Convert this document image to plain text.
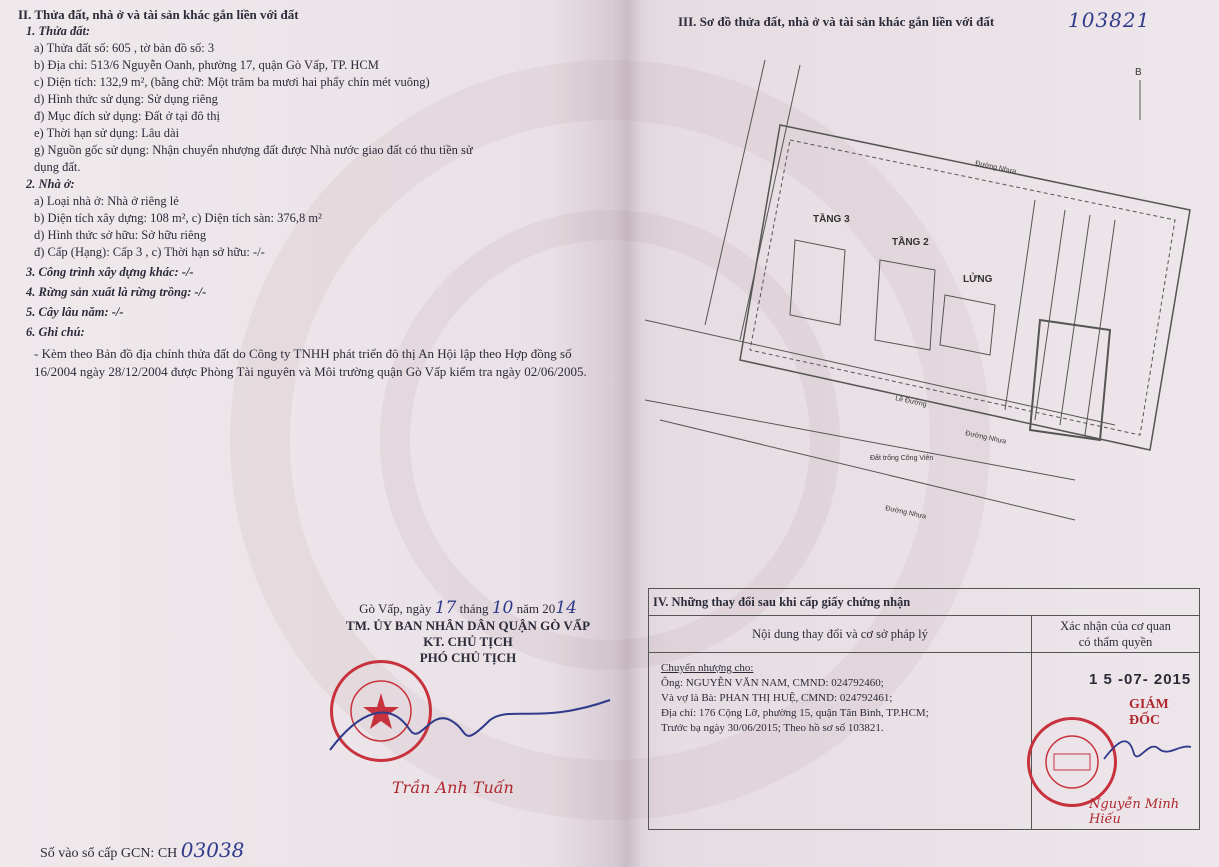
II. Thửa đất, nhà ở và tài sản khác gắn liền với đất
1. Thửa đất:
a) Thửa đất số: 605 , tờ bản đồ số: 3
b) Địa chỉ: 513/6 Nguyễn Oanh, phường 17, quận Gò Vấp, TP. HCM
c) Diện tích: 132,9 m², (bằng chữ: Một trăm ba mươi hai phẩy chín mét vuông)
d) Hình thức sử dụng: Sử dụng riêng
đ) Mục đích sử dụng: Đất ở tại đô thị
e) Thời hạn sử dụng: Lâu dài
g) Nguồn gốc sử dụng: Nhận chuyển nhượng đất được Nhà nước giao đất có thu tiền sử
dụng đất.
2. Nhà ở:
a) Loại nhà ở: Nhà ở riêng lẻ
b) Diện tích xây dựng: 108 m², c) Diện tích sàn: 376,8 m²
d) Hình thức sở hữu: Sở hữu riêng
đ) Cấp (Hạng): Cấp 3 , c) Thời hạn sở hữu: -/-
3. Công trình xây dựng khác: -/-
4. Rừng sản xuất là rừng trồng: -/-
5. Cây lâu năm: -/-
6. Ghi chú:
- Kèm theo Bản đồ địa chính thửa đất do Công ty TNHH phát triển đô thị An Hội lập theo Hợp đồng số 16/2004 ngày 28/12/2004 được Phòng Tài nguyên và Môi trường quận Gò Vấp kiểm tra ngày 02/06/2005.
Gò Vấp, ngày 17 tháng 10 năm 2014
TM. ỦY BAN NHÂN DÂN QUẬN GÒ VẤP
KT. CHỦ TỊCH
PHÓ CHỦ TỊCH
Trần Anh Tuấn
Số vào sổ cấp GCN: CH 03038
III. Sơ đồ thửa đất, nhà ở và tài sản khác gắn liền với đất	103821
TẦNG 3
TẦNG 2
LỬNG
Đường Nhựa
Đường Nhựa
Đường Nhựa
Lề Đường
Đất trống Công Viên
B
IV. Những thay đổi sau khi cấp giấy chứng nhận
Nội dung thay đổi và cơ sở pháp lý
Xác nhận của cơ quan
có thẩm quyền
Chuyển nhượng cho:
Ông: NGUYỄN VĂN NAM, CMND: 024792460;
Và vợ là Bà: PHAN THỊ HUỆ, CMND: 024792461;
Địa chỉ: 176 Cộng Lỡ, phường 15, quận Tân Bình, TP.HCM;
Trước bạ ngày 30/06/2015; Theo hồ sơ số 103821.
1 5 -07- 2015
GIÁM ĐỐC
Nguyễn Minh Hiếu
